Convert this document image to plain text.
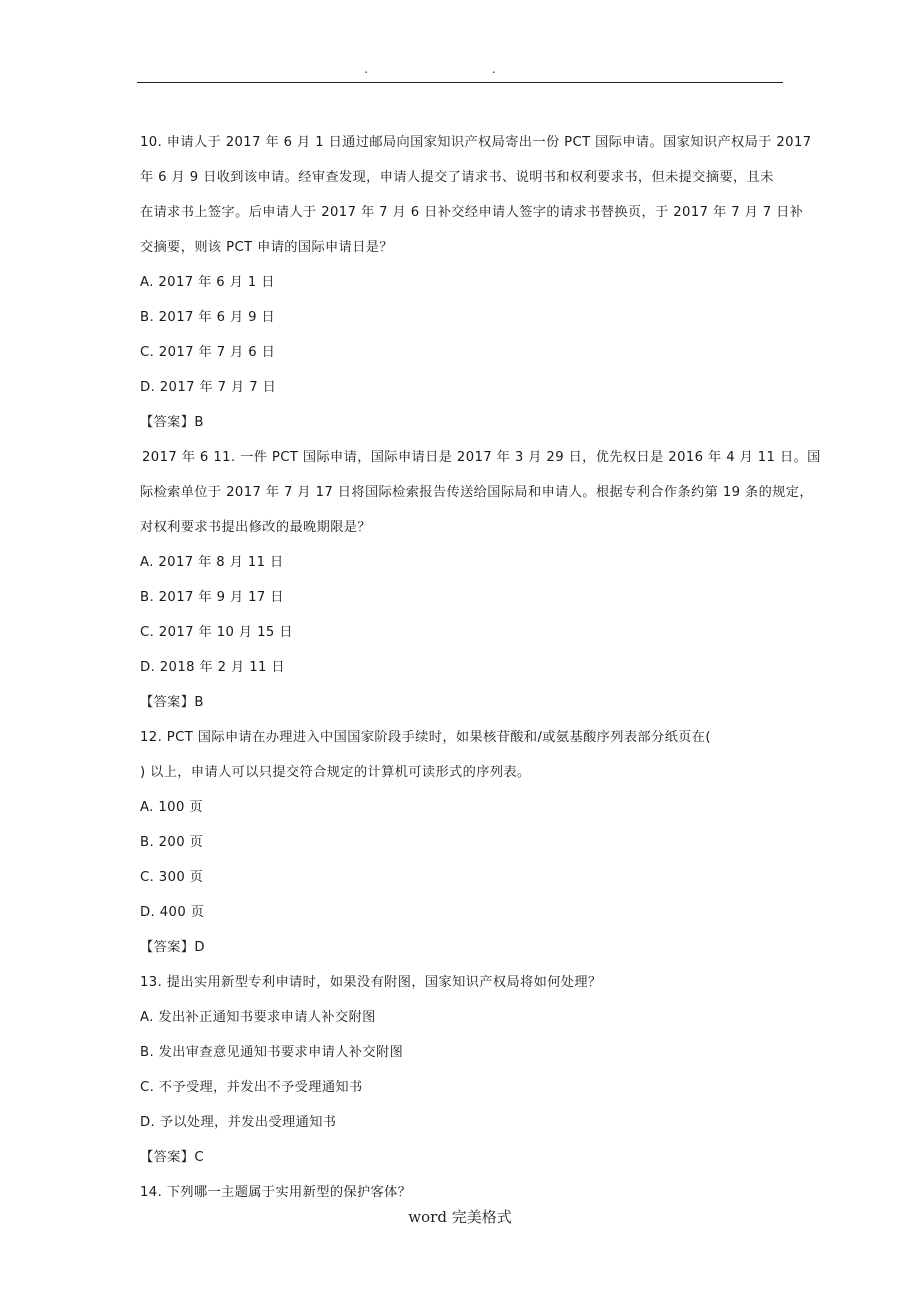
. .
10. 申请人于 2017 年 6 月 1 日通过邮局向国家知识产权局寄出一份 PCT 国际申请。国家知识产权局于 2017
年 6 月 9 日收到该申请。经审查发现，申请人提交了请求书、说明书和权利要求书，但未提交摘要，且未
在请求书上签字。后申请人于 2017 年 7 月 6 日补交经申请人签字的请求书替换页，于 2017 年 7 月 7 日补
交摘要，则该 PCT 申请的国际申请日是？
A. 2017 年 6 月 1 日
B. 2017 年 6 月 9 日
C. 2017 年 7 月 6 日
D. 2017 年 7 月 7 日
【答案】B
2017 年 6 11. 一件 PCT 国际申请，国际申请日是 2017 年 3 月 29 日，优先权日是 2016 年 4 月 11 日。国
际检索单位于 2017 年 7 月 17 日将国际检索报告传送给国际局和申请人。根据专利合作条约第 19 条的规定，
对权利要求书提出修改的最晚期限是？
A. 2017 年 8 月 11 日
B. 2017 年 9 月 17 日
C. 2017 年 10 月 15 日
D. 2018 年 2 月 11 日
【答案】B
12. PCT 国际申请在办理进入中国国家阶段手续时，如果核苷酸和/或氨基酸序列表部分纸页在(
) 以上，申请人可以只提交符合规定的计算机可读形式的序列表。
A. 100 页
B. 200 页
C. 300 页
D. 400 页
【答案】D
13. 提出实用新型专利申请时，如果没有附图，国家知识产权局将如何处理？
A. 发出补正通知书要求申请人补交附图
B. 发出审查意见通知书要求申请人补交附图
C. 不予受理，并发出不予受理通知书
D. 予以处理，并发出受理通知书
【答案】C
14. 下列哪一主题属于实用新型的保护客体？
word 完美格式
